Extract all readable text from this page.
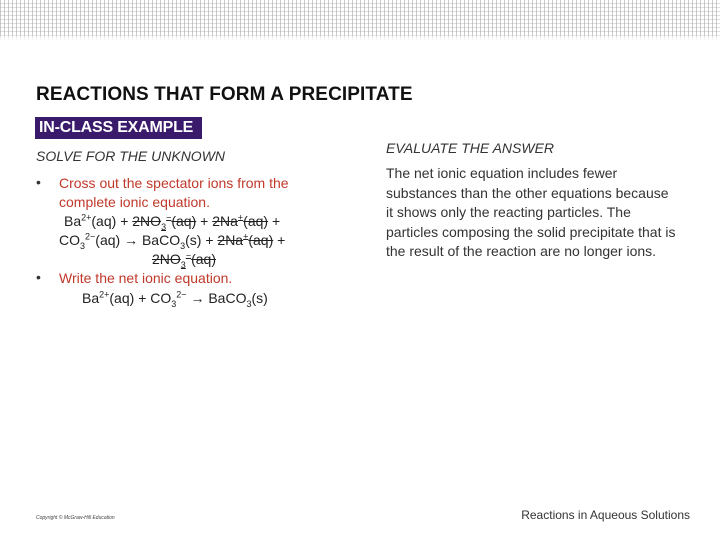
REACTIONS THAT FORM A PRECIPITATE
IN-CLASS EXAMPLE
SOLVE FOR THE UNKNOWN
• Cross out the spectator ions from the
complete ionic equation.
$Ba^{2+}(aq) + 2NO_3^-(aq) + 2Na^+(aq)$ +
$CO_3^{2-}(aq)$ → BaCO$_3$(s) + 2Na+(aq) +
$2NO_3^-(aq)$
• Write the net ionic equation.
$Ba^{2+}(aq) + CO_3^{2-}$ → BaCO$_3$(s)
EVALUATE THE ANSWER
The net ionic equation includes fewer substances than the other equations because it shows only the reacting particles. The particles composing the solid precipitate that is the result of the reaction are no longer ions.
Copyright © McGraw-Hill Education	Reactions in Aqueous Solutions
